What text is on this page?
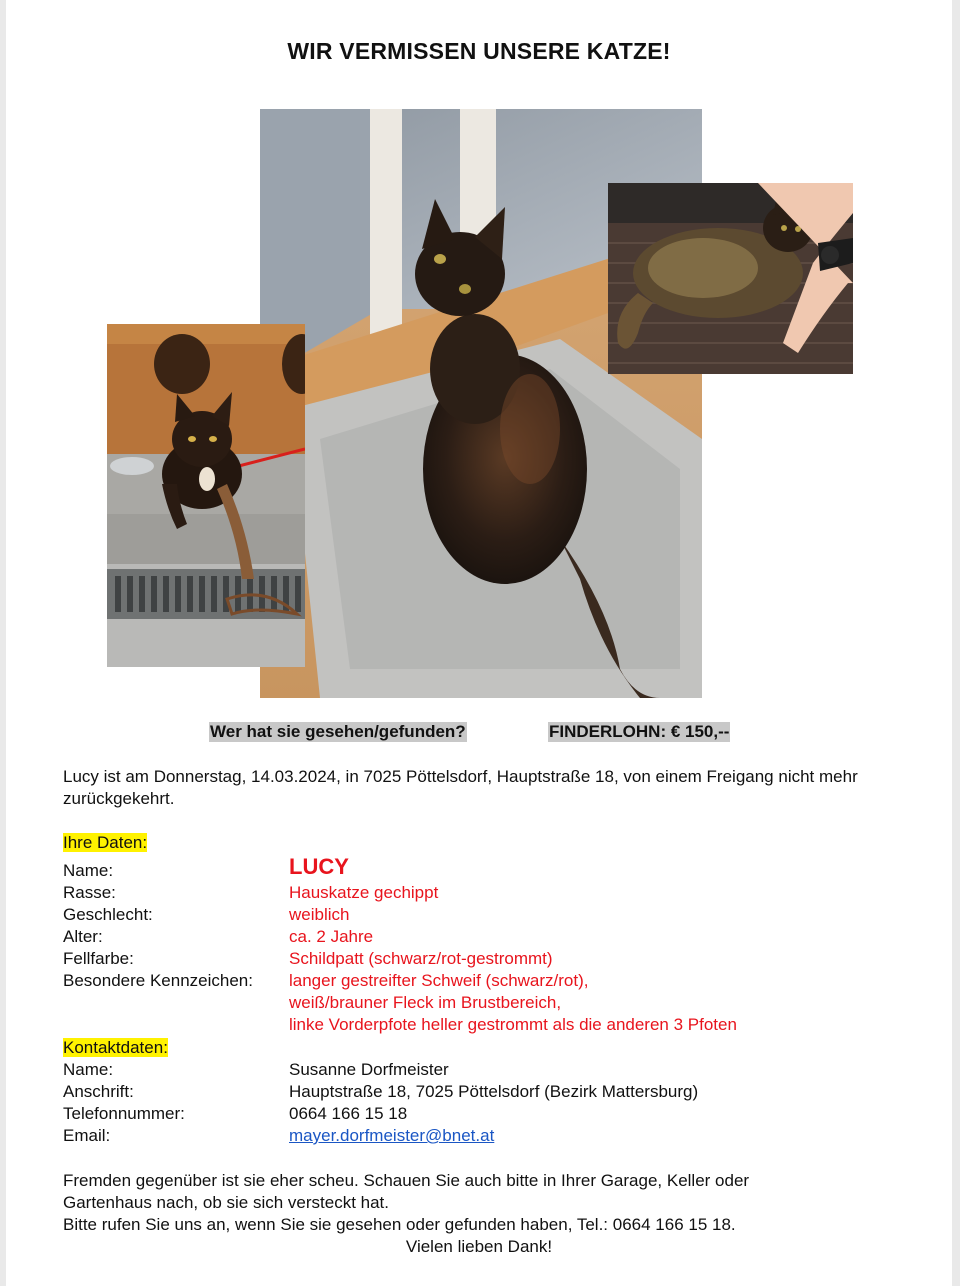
WIR VERMISSEN UNSERE KATZE!
Wer hat sie gesehen/gefunden?	FINDERLOHN: € 150,--
Lucy ist am Donnerstag, 14.03.2024, in 7025 Pöttelsdorf, Hauptstraße 18, von einem Freigang nicht mehr zurückgekehrt.
Ihre Daten:
Name:	LUCY
Rasse:	Hauskatze gechippt
Geschlecht:	weiblich
Alter:	ca. 2 Jahre
Fellfarbe:	Schildpatt (schwarz/rot-gestrommt)
Besondere Kennzeichen: langer gestreifter Schweif (schwarz/rot),
weiß/brauner Fleck im Brustbereich,
linke Vorderpfote heller gestrommt als die anderen 3 Pfoten
Kontaktdaten:
Name:	Susanne Dorfmeister
Anschrift:	Hauptstraße 18, 7025 Pöttelsdorf (Bezirk Mattersburg)
Telefonnummer:	0664 166 15 18
Email:	mayer.dorfmeister@bnet.at
Fremden gegenüber ist sie eher scheu. Schauen Sie auch bitte in Ihrer Garage, Keller oder
Gartenhaus nach, ob sie sich versteckt hat.
Bitte rufen Sie uns an, wenn Sie sie gesehen oder gefunden haben, Tel.: 0664 166 15 18.
Vielen lieben Dank!
